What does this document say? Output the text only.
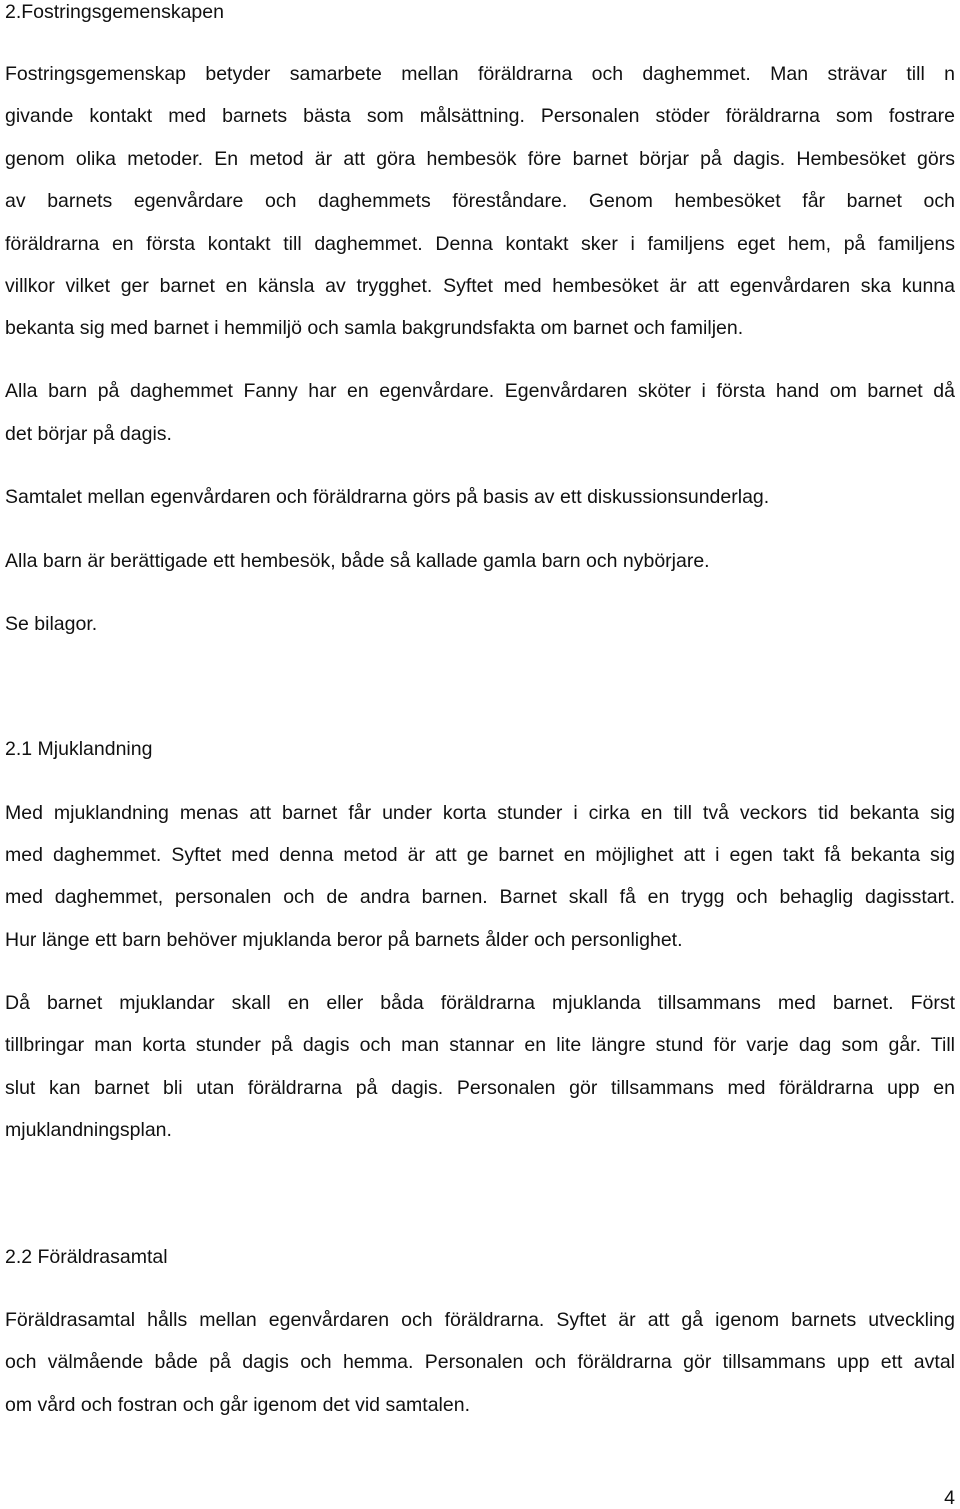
2.Fostringsgemenskapen
Fostringsgemenskap betyder samarbete mellan föräldrarna och daghemmet. Man strävar till n
givande kontakt med barnets bästa som målsättning. Personalen stöder föräldrarna som fostrare
genom olika metoder. En metod är att göra hembesök före barnet börjar på dagis. Hembesöket görs
av barnets egenvårdare och daghemmets föreståndare. Genom hembesöket får barnet och
föräldrarna en första kontakt till daghemmet. Denna kontakt sker i familjens eget hem, på familjens
villkor vilket ger barnet en känsla av trygghet. Syftet med hembesöket är att egenvårdaren ska kunna
bekanta sig med barnet i hemmiljö och samla bakgrundsfakta om barnet och familjen.
Alla barn på daghemmet Fanny har en egenvårdare. Egenvårdaren sköter i första hand om barnet då
det börjar på dagis.
Samtalet mellan egenvårdaren och föräldrarna görs på basis av ett diskussionsunderlag.
Alla barn är berättigade ett hembesök, både så kallade gamla barn och nybörjare.
Se bilagor.
2.1 Mjuklandning
Med mjuklandning menas att barnet får under korta stunder i cirka en till två veckors tid bekanta sig
med daghemmet. Syftet med denna metod är att ge barnet en möjlighet att i egen takt få bekanta sig
med daghemmet, personalen och de andra barnen. Barnet skall få en trygg och behaglig dagisstart.
Hur länge ett barn behöver mjuklanda beror på barnets ålder och personlighet.
Då barnet mjuklandar skall en eller båda föräldrarna mjuklanda tillsammans med barnet. Först
tillbringar man korta stunder på dagis och man stannar en lite längre stund för varje dag som går. Till
slut kan barnet bli utan föräldrarna på dagis. Personalen gör tillsammans med föräldrarna upp en
mjuklandningsplan.
2.2 Föräldrasamtal
Föräldrasamtal hålls mellan egenvårdaren och föräldrarna. Syftet är att gå igenom barnets utveckling
och välmående både på dagis och hemma. Personalen och föräldrarna gör tillsammans upp ett avtal
om vård och fostran och går igenom det vid samtalen.
4
